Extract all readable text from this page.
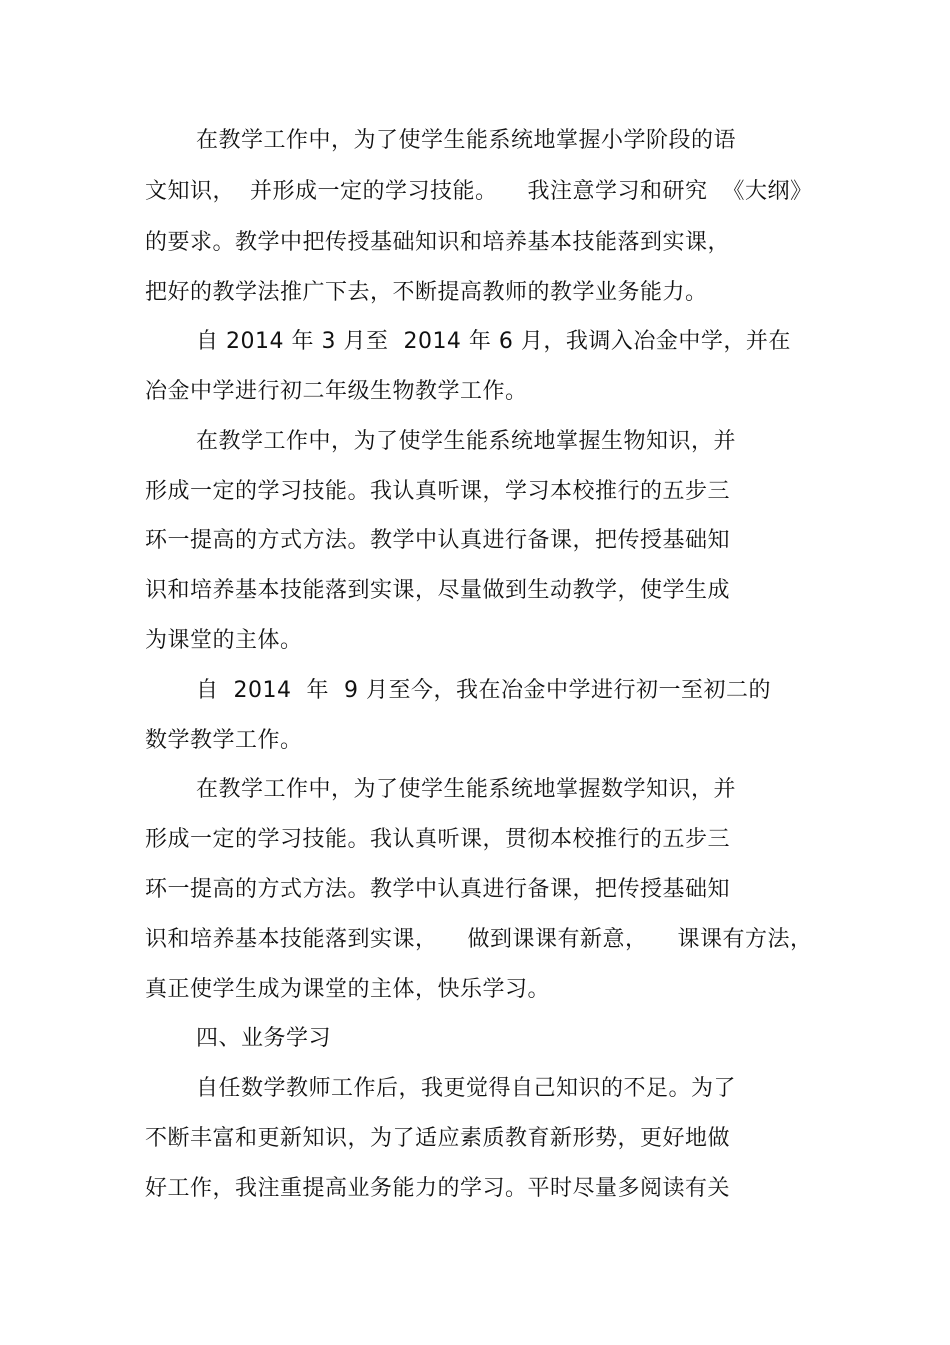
在教学工作中，为了使学生能系统地掌握小学阶段的语
文知识，  并形成一定的学习技能。    我注意学习和研究  《大纲》
的要求。教学中把传授基础知识和培养基本技能落到实课，
把好的教学法推广下去，不断提高教师的教学业务能力。
自 2014 年 3 月至  2014 年 6 月，我调入冶金中学，并在
冶金中学进行初二年级生物教学工作。
在教学工作中，为了使学生能系统地掌握生物知识，并
形成一定的学习技能。我认真听课，学习本校推行的五步三
环一提高的方式方法。教学中认真进行备课，把传授基础知
识和培养基本技能落到实课，尽量做到生动教学，使学生成
为课堂的主体。
自  2014  年  9 月至今，我在冶金中学进行初一至初二的
数学教学工作。
在教学工作中，为了使学生能系统地掌握数学知识，并
形成一定的学习技能。我认真听课，贯彻本校推行的五步三
环一提高的方式方法。教学中认真进行备课，把传授基础知
识和培养基本技能落到实课，    做到课课有新意，    课课有方法，
真正使学生成为课堂的主体，快乐学习。
四、业务学习
自任数学教师工作后，我更觉得自己知识的不足。为了
不断丰富和更新知识，为了适应素质教育新形势，更好地做
好工作，我注重提高业务能力的学习。平时尽量多阅读有关
